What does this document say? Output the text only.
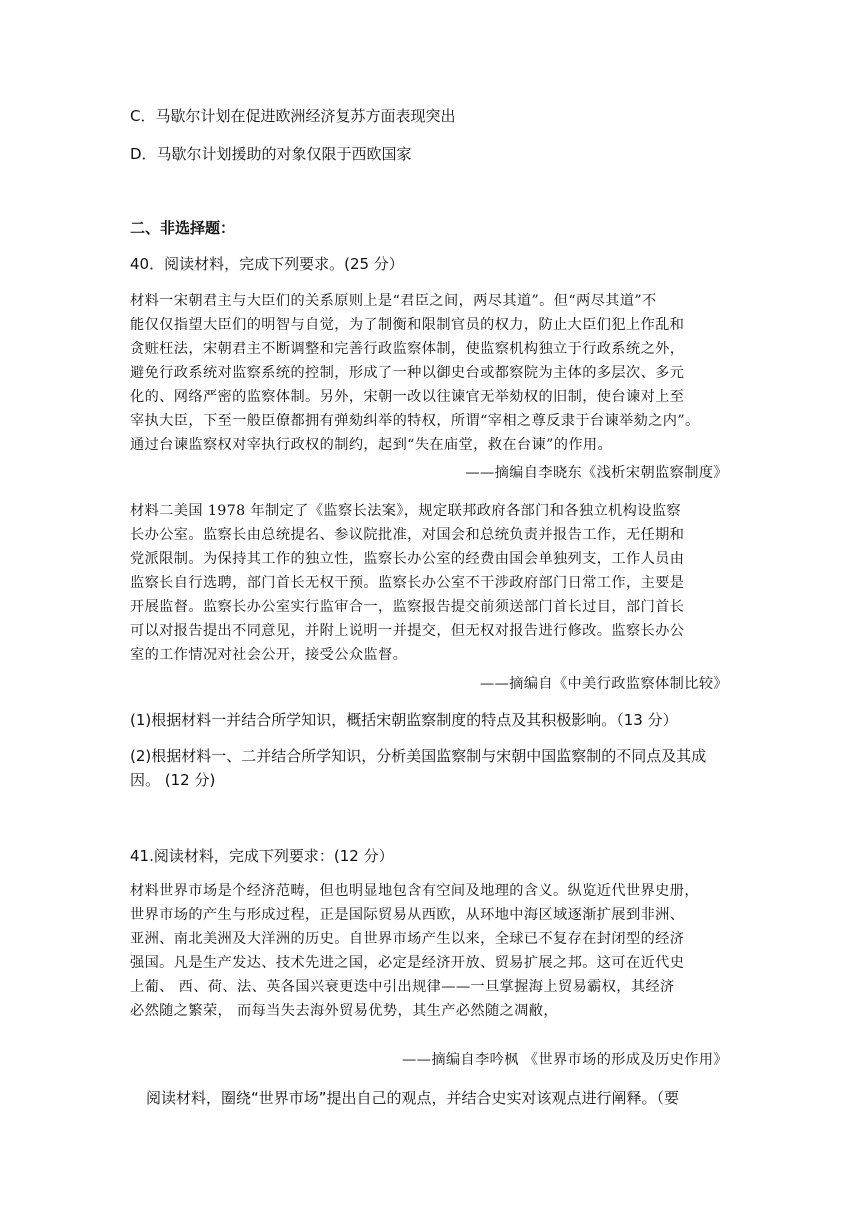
C．马歇尔计划在促进欧洲经济复苏方面表现突出
D．马歇尔计划援助的对象仅限于西欧国家
二、非选择题：
40．阅读材料，完成下列要求。(25 分）
材料一宋朝君主与大臣们的关系原则上是“君臣之间，两尽其道”。但“两尽其道”不
能仅仅指望大臣们的明智与自觉，为了制衡和限制官员的权力，防止大臣们犯上作乱和
贪赃枉法，宋朝君主不断调整和完善行政监察体制，使监察机构独立于行政系统之外，
避免行政系统对监察系统的控制，形成了一种以御史台或都察院为主体的多层次、多元
化的、网络严密的监察体制。另外，宋朝一改以往谏官无举劾权的旧制，使台谏对上至
宰执大臣，下至一般臣僚都拥有弹劾纠举的特权，所谓“宰相之尊反隶于台谏举劾之内”。
通过台谏监察权对宰执行政权的制约，起到“失在庙堂，救在台谏”的作用。
——摘编自李晓东《浅析宋朝监察制度》
材料二美国 1978 年制定了《监察长法案》，规定联邦政府各部门和各独立机构设监察
长办公室。监察长由总统提名、参议院批准，对国会和总统负责并报告工作，无任期和
党派限制。为保持其工作的独立性，监察长办公室的经费由国会单独列支，工作人员由
监察长自行选聘，部门首长无权干预。监察长办公室不干涉政府部门日常工作，主要是
开展监督。监察长办公室实行监审合一，监察报告提交前须送部门首长过目，部门首长
可以对报告提出不同意见，并附上说明一并提交，但无权对报告进行修改。监察长办公
室的工作情况对社会公开，接受公众监督。
——摘编自《中美行政监察体制比较》
(1)根据材料一并结合所学知识，概括宋朝监察制度的特点及其积极影响。（13 分）
(2)根据材料一、二并结合所学知识，分析美国监察制与宋朝中国监察制的不同点及其成
因。 (12 分)
41.阅读材料，完成下列要求：(12 分）
材料世界市场是个经济范畴，但也明显地包含有空间及地理的含义。纵览近代世界史册，
世界市场的产生与形成过程，正是国际贸易从西欧，从环地中海区域逐渐扩展到非洲、
亚洲、南北美洲及大洋洲的历史。自世界市场产生以来，全球已不复存在封闭型的经济
强国。凡是生产发达、技术先进之国，必定是经济开放、贸易扩展之邦。这可在近代史
上葡、 西、荷、法、英各国兴衰更迭中引出规律——一旦掌握海上贸易霸权，其经济
必然随之繁荣， 而每当失去海外贸易优势，其生产必然随之凋敝，
——摘编自李吟枫 《世界市场的形成及历史作用》
阅读材料，圈绕“世界市场”提出自己的观点，并结合史实对该观点进行阐释。（要
